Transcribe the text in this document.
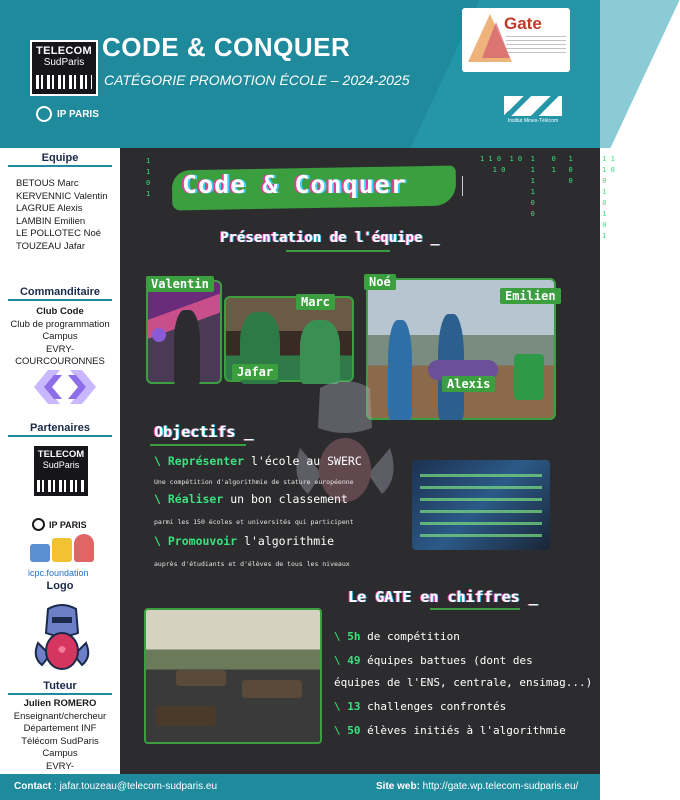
TELECOM
SudParis
IP PARIS
CODE & CONQUER
CATÉGORIE PROMOTION ÉCOLE – 2024-2025
Gate
Institut Mines-Télécom
Equipe
BETOUS Marc
KERVENNIC Valentin
LAGRUE Alexis
LAMBIN Emilien
LE POLLOTEC Noé
TOUZEAU Jafar
Commanditaire
Club Code
Club de programmation
Campus
EVRY-COURCOURONNES
Partenaires
TELECOM
SudParis
IP PARIS
icpc.foundation
Logo
Tuteur
Julien ROMERO
Enseignant/chercheur
Département INF
Télécom SudParis
Campus
EVRY-
1
1
0
1
1 1 0  1 0  1    0   1       1 1
1 0      1    1   0       1 0
1        0       0
1                1
0                0
0                1
0
1
Code & Conquer
Présentation de l'équipe _
Valentin
Marc
Jafar
Noé
Emilien
Alexis
Objectifs _
\ Représenter l'école au SWERC
Une compétition d'algorithmie de stature européenne
\ Réaliser un bon classement
parmi les 150 écoles et universités qui participent
\ Promouvoir l'algorithmie
auprès d'étudiants et d'élèves de tous les niveaux
Le GATE en chiffres _
\ 5h de compétition
\ 49 équipes battues (dont des
équipes de l'ENS, centrale, ensimag...)
\ 13 challenges confrontés
\ 50 élèves initiés à l'algorithmie
Contact : jafar.touzeau@telecom-sudparis.eu	Site web: http://gate.wp.telecom-sudparis.eu/
